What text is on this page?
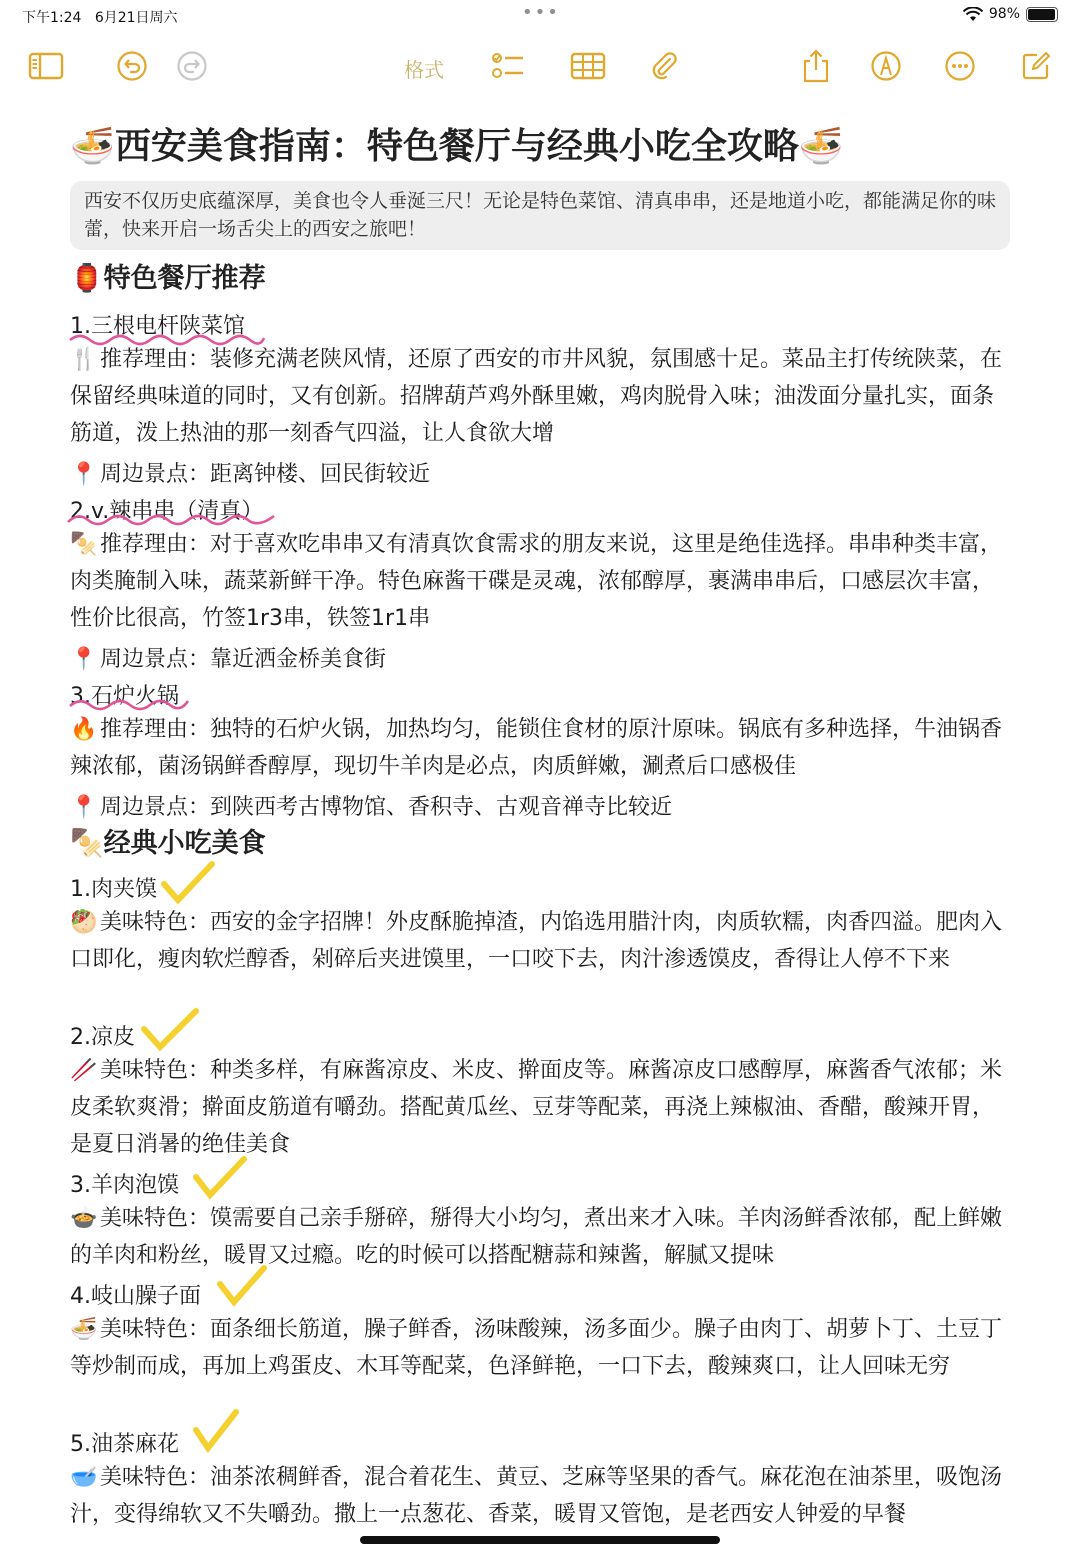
下午1:24 6月21日周六	•••	98%
格式
🍜西安美食指南：特色餐厅与经典小吃全攻略🍜
西安不仅历史底蕴深厚，美食也令人垂涎三尺！无论是特色菜馆、清真串串，还是地道小吃，都能满足你的味蕾，快来开启一场舌尖上的西安之旅吧！
🏮特色餐厅推荐
1.三根电杆陕菜馆
🍴 推荐理由：装修充满老陕风情，还原了西安的市井风貌，氛围感十足。菜品主打传统陕菜，在保留经典味道的同时，又有创新。招牌葫芦鸡外酥里嫩，鸡肉脱骨入味；油泼面分量扎实，面条筋道，泼上热油的那一刻香气四溢，让人食欲大增
📍 周边景点：距离钟楼、回民街较近
2.v.辣串串（清真）
🍢 推荐理由：对于喜欢吃串串又有清真饮食需求的朋友来说，这里是绝佳选择。串串种类丰富，肉类腌制入味，蔬菜新鲜干净。特色麻酱干碟是灵魂，浓郁醇厚，裹满串串后，口感层次丰富，性价比很高，竹签1r3串，铁签1r1串
📍 周边景点：靠近洒金桥美食街
3.石炉火锅
🔥 推荐理由：独特的石炉火锅，加热均匀，能锁住食材的原汁原味。锅底有多种选择，牛油锅香辣浓郁，菌汤锅鲜香醇厚，现切牛羊肉是必点，肉质鲜嫩，涮煮后口感极佳
📍 周边景点：到陕西考古博物馆、香积寺、古观音禅寺比较近
🍢经典小吃美食
1.肉夹馍
🥙 美味特色：西安的金字招牌！外皮酥脆掉渣，内馅选用腊汁肉，肉质软糯，肉香四溢。肥肉入口即化，瘦肉软烂醇香，剁碎后夹进馍里，一口咬下去，肉汁渗透馍皮，香得让人停不下来
2.凉皮
🥢 美味特色：种类多样，有麻酱凉皮、米皮、擀面皮等。麻酱凉皮口感醇厚，麻酱香气浓郁；米皮柔软爽滑；擀面皮筋道有嚼劲。搭配黄瓜丝、豆芽等配菜，再浇上辣椒油、香醋，酸辣开胃，是夏日消暑的绝佳美食
3.羊肉泡馍
🍲 美味特色：馍需要自己亲手掰碎，掰得大小均匀，煮出来才入味。羊肉汤鲜香浓郁，配上鲜嫩的羊肉和粉丝，暖胃又过瘾。吃的时候可以搭配糖蒜和辣酱，解腻又提味
4.岐山臊子面
🍜 美味特色：面条细长筋道，臊子鲜香，汤味酸辣，汤多面少。臊子由肉丁、胡萝卜丁、土豆丁等炒制而成，再加上鸡蛋皮、木耳等配菜，色泽鲜艳，一口下去，酸辣爽口，让人回味无穷
5.油茶麻花
🥣 美味特色：油茶浓稠鲜香，混合着花生、黄豆、芝麻等坚果的香气。麻花泡在油茶里，吸饱汤汁，变得绵软又不失嚼劲。撒上一点葱花、香菜，暖胃又管饱，是老西安人钟爱的早餐
